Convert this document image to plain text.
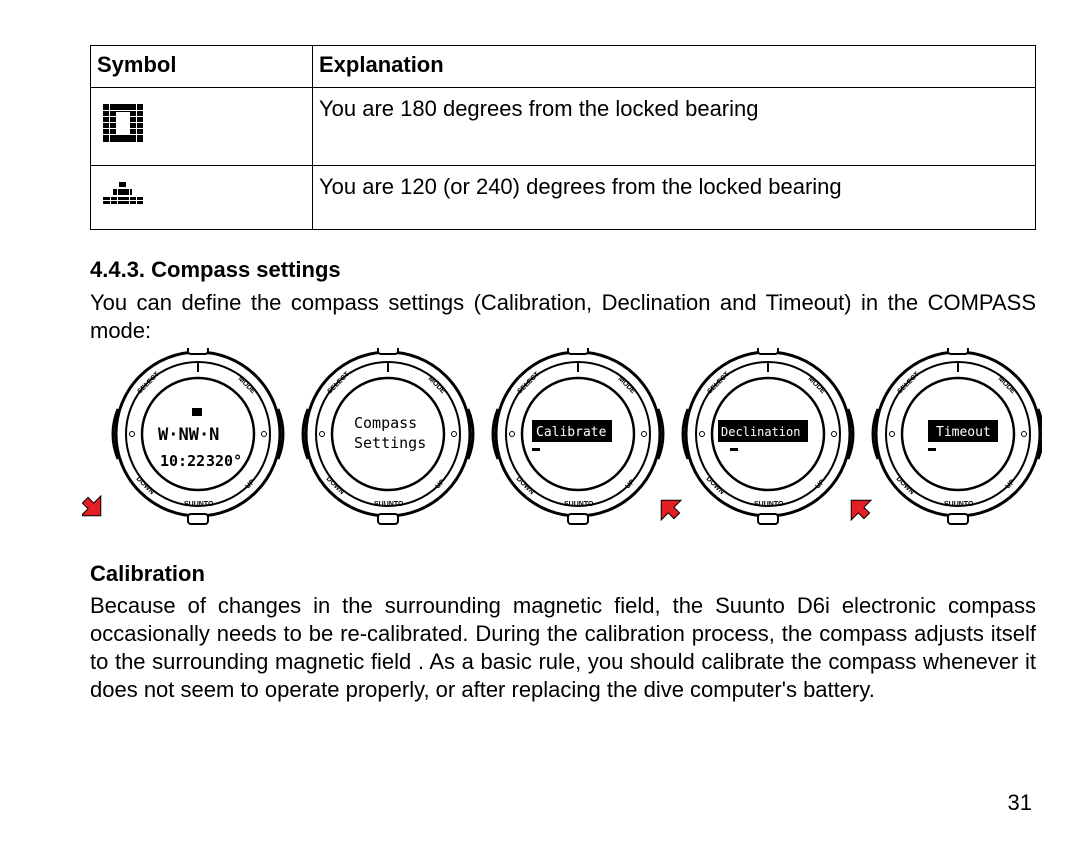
Symbol	Explanation
	You are 180 degrees from the locked bearing
	You are 120 (or 240) degrees from the locked bearing
4.4.3. Compass settings
You can define the compass settings (Calibration, Declination and Timeout) in the COMPASS mode:
SELECT	MODE
DOWN	UP
SUUNTO
W·NW·N
10:22 320°
SELECT	MODE
DOWN	UP
SUUNTO
Compass
Settings
SELECT	MODE
DOWN	UP
SUUNTO
Calibrate
SELECT	MODE
DOWN	UP
SUUNTO
Declination
SELECT	MODE
DOWN	UP
SUUNTO
Timeout
Calibration
Because of changes in the surrounding magnetic field, the Suunto D6i electronic compass occasionally needs to be re-calibrated. During the calibration process, the compass adjusts itself to the surrounding magnetic field . As a basic rule, you should calibrate the compass whenever it does not seem to operate properly, or after replacing the dive computer's battery.
31
